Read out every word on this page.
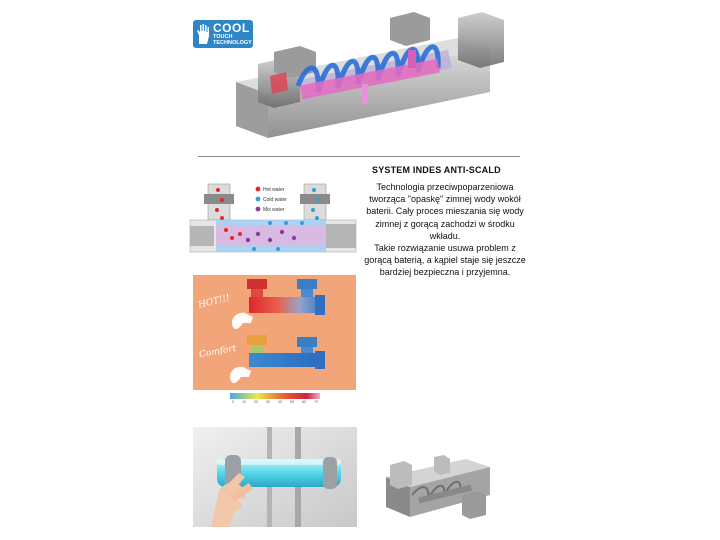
COOL
TOUCH
TECHNOLOGY
SYSTEM INDES ANTI-SCALD

Technologia przeciwpoparzeniowa tworząca "opaskę" zimnej wody wokół baterii. Cały proces mieszania się wody zimnej z gorącą zachodzi w środku wkładu.

Takie rozwiązanie usuwa problem z gorącą baterią, a kąpiel staje się jeszcze bardziej bezpieczna i przyjemna.

Hot water
Cold water
Mix water
HOT!!!
Comfort
0 10 20 30 40 50 60 70
